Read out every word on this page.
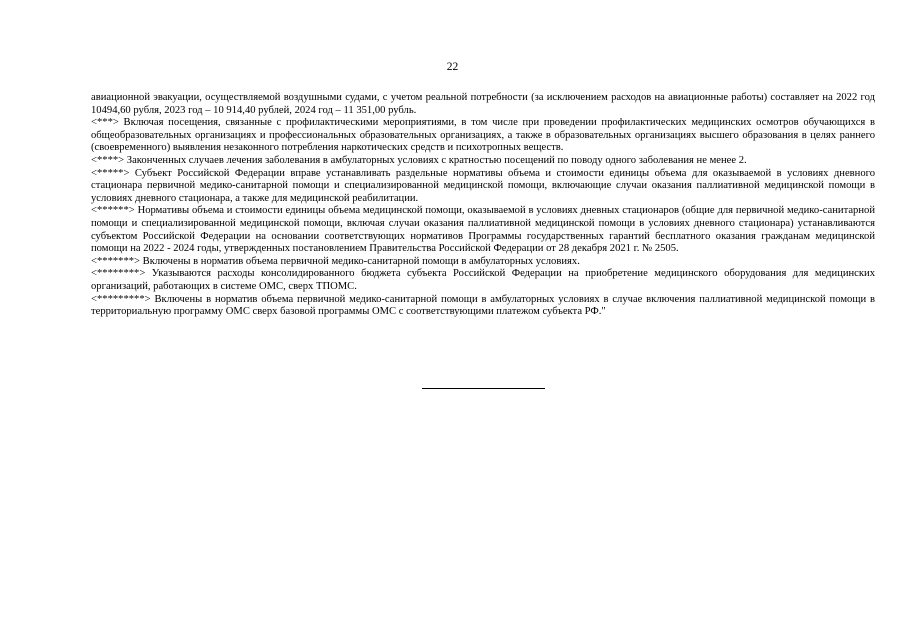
22

авиационной эвакуации, осуществляемой воздушными судами, с учетом реальной потребности (за исключением расходов на авиационные работы) составляет на 2022 год 10494,60 рубля, 2023 год – 10 914,40 рублей, 2024 год – 11 351,00 рубль.

<***> Включая посещения, связанные с профилактическими мероприятиями, в том числе при проведении профилактических медицинских осмотров обучающихся в общеобразовательных организациях и профессиональных образовательных организациях, а также в образовательных организациях высшего образования в целях раннего (своевременного) выявления незаконного потребления наркотических средств и психотропных веществ.

<****> Законченных случаев лечения заболевания в амбулаторных условиях с кратностью посещений по поводу одного заболевания не менее 2.

<*****> Субъект Российской Федерации вправе устанавливать раздельные нормативы объема и стоимости единицы объема для оказываемой в условиях дневного стационара первичной медико-санитарной помощи и специализированной медицинской помощи, включающие случаи оказания паллиативной медицинской помощи в условиях дневного стационара, а также для медицинской реабилитации.

<******> Нормативы объема и стоимости единицы объема медицинской помощи, оказываемой в условиях дневных стационаров (общие для первичной медико-санитарной помощи и специализированной медицинской помощи, включая случаи оказания паллиативной медицинской помощи в условиях дневного стационара) устанавливаются субъектом Российской Федерации на основании соответствующих нормативов Программы государственных гарантий бесплатного оказания гражданам медицинской помощи на 2022 - 2024 годы, утвержденных постановлением Правительства Российской Федерации от 28 декабря 2021 г. № 2505.

<*******> Включены в норматив объема первичной медико-санитарной помощи в амбулаторных условиях.

<********> Указываются расходы консолидированного бюджета субъекта Российской Федерации на приобретение медицинского оборудования для медицинских организаций, работающих в системе ОМС, сверх ТПОМС.

<*********> Включены в норматив объема первичной медико-санитарной помощи в амбулаторных условиях в случае включения паллиативной медицинской помощи в территориальную программу ОМС сверх базовой программы ОМС с соответствующими платежом субъекта РФ."
